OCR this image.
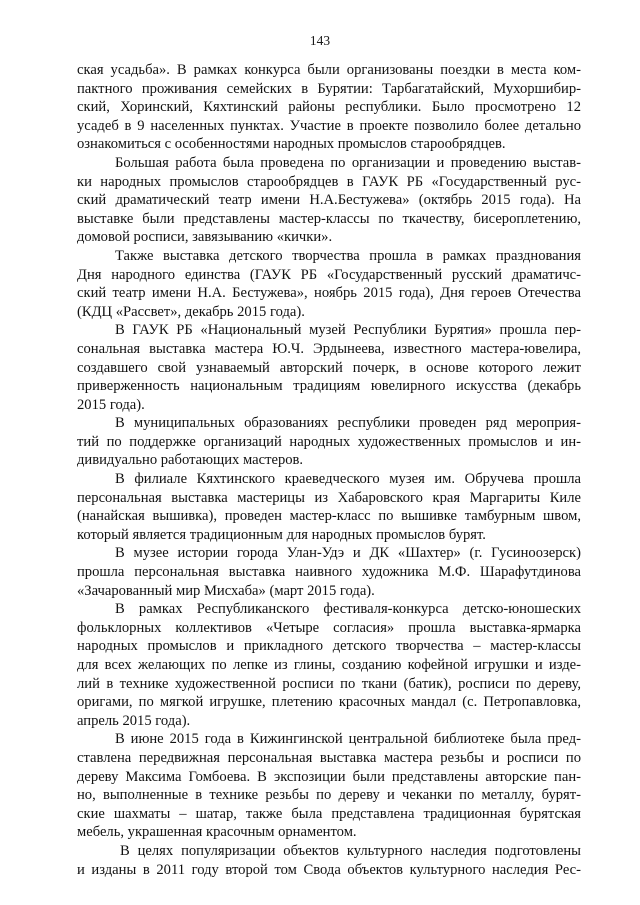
143

ская усадьба». В рамках конкурса были организованы поездки в места ком-
пактного проживания семейских в Бурятии: Тарбагатайский, Мухоршибир-
ский, Хоринский, Кяхтинский районы республики. Было просмотрено 12
усадеб в 9 населенных пунктах. Участие в проекте позволило более детально
ознакомиться с особенностями народных промыслов старообрядцев.

Большая работа была проведена по организации и проведению выстав-
ки народных промыслов старообрядцев в ГАУК РБ «Государственный рус-
ский драматический театр имени Н.А.Бестужева» (октябрь 2015 года). На
выставке были представлены мастер-классы по ткачеству, бисероплетению,
домовой росписи, завязыванию «кички».

Также выставка детского творчества прошла в рамках празднования
Дня народного единства (ГАУК РБ «Государственный русский драматичс-
ский театр имени Н.А. Бестужева», ноябрь 2015 года), Дня героев Отечества
(КДЦ «Рассвет», декабрь 2015 года).

В ГАУК РБ «Национальный музей Республики Бурятия» прошла пер-
сональная выставка мастера Ю.Ч. Эрдынеева, известного мастера-ювелира,
создавшего свой узнаваемый авторский почерк, в основе которого лежит
приверженность национальным традициям ювелирного искусства (декабрь
2015 года).

В муниципальных образованиях республики проведен ряд мероприя-
тий по поддержке организаций народных художественных промыслов и ин-
дивидуально работающих мастеров.

В филиале Кяхтинского краеведческого музея им. Обручева прошла
персональная выставка мастерицы из Хабаровского края Маргариты Киле
(нанайская вышивка), проведен мастер-класс по вышивке тамбурным швом,
который является традиционным для народных промыслов бурят.

В музее истории города Улан-Удэ и ДК «Шахтер» (г. Гусиноозерск)
прошла персональная выставка наивного художника М.Ф. Шарафутдинова
«Зачарованный мир Мисхаба» (март 2015 года).

В рамках Республиканского фестиваля-конкурса детско-юношеских
фольклорных коллективов «Четыре согласия» прошла выставка-ярмарка
народных промыслов и прикладного детского творчества – мастер-классы
для всех желающих по лепке из глины, созданию кофейной игрушки и изде-
лий в технике художественной росписи по ткани (батик), росписи по дереву,
оригами, по мягкой игрушке, плетению красочных мандал (с. Петропавловка,
апрель 2015 года).

В июне 2015 года в Кижингинской центральной библиотеке была пред-
ставлена передвижная персональная выставка мастера резьбы и росписи по
дереву Максима Гомбоева. В экспозиции были представлены авторские пан-
но, выполненные в технике резьбы по дереву и чеканки по металлу, бурят-
ские шахматы – шатар, также была представлена традиционная бурятская
мебель, украшенная красочным орнаментом.

В целях популяризации объектов культурного наследия подготовлены
и изданы в 2011 году второй том Свода объектов культурного наследия Рес-
